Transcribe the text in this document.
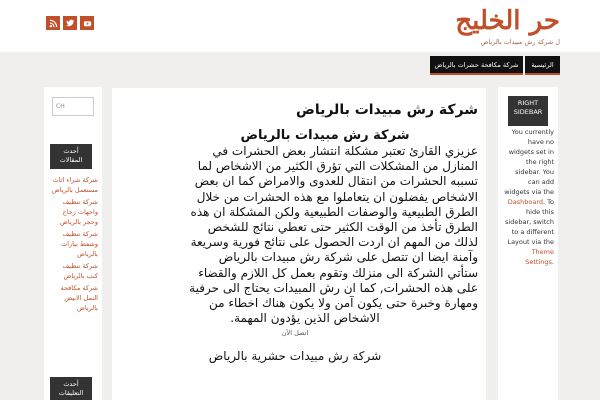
حر الخليج
ل شركة رش مبيدات بالرياض
الرئيسية
شركة مكافحة حشرات بالرياض
CH
أحدث المقالات
شركة شراء اثاث مستعمل بالرياض
شركة تنظيف واجهات زجاج وحجر بالرياض
شركة تنظيف وشفط بيارات بالرياض
شركة تنظيف كنب بالرياض
شركة مكافحة النمل الابيض بالرياض
أحدث التعليقات
شركة رش مبيدات بالرياض
شركة رش مبيدات بالرياض

عزيزي القارئ تعتبر مشكلة انتشار بعض الحشرات في

المنازل من المشكلات التي تؤرق الكثير من الاشخاص لما

تسببه الحشرات من انتقال للعدوى والامراض كما ان بعض

الاشخاص يفضلون ان يتعاملوا مع هذه الحشرات من خلال

الطرق الطبيعية والوصفات الطبيعية ولكن المشكلة ان هذه

الطرق تأخذ من الوقت الكثير حتى تعطي نتائج للشخص

لذلك من المهم ان اردت الحصول على نتائج فورية وسريعة

وآمنة ايضا ان تتصل على شركة رش مبيدات بالرياض

ستأتي الشركة الى منزلك وتقوم بعمل كل اللازم والقضاء

على هذه الحشرات, كما ان رش المبيدات يحتاج الى حرفية

ومهارة وخبرة حتى يكون آمن ولا يكون هناك اخطاء من

الاشخاص الذين يؤدون المهمة.

اتصل الآن
شركة رش مبيدات حشرية بالرياض
RIGHT SIDEBAR
You currently have no widgets set in the right sidebar. You can add widgets via the Dashboard. To hide this sidebar, switch to a different Layout via the Theme Settings.
